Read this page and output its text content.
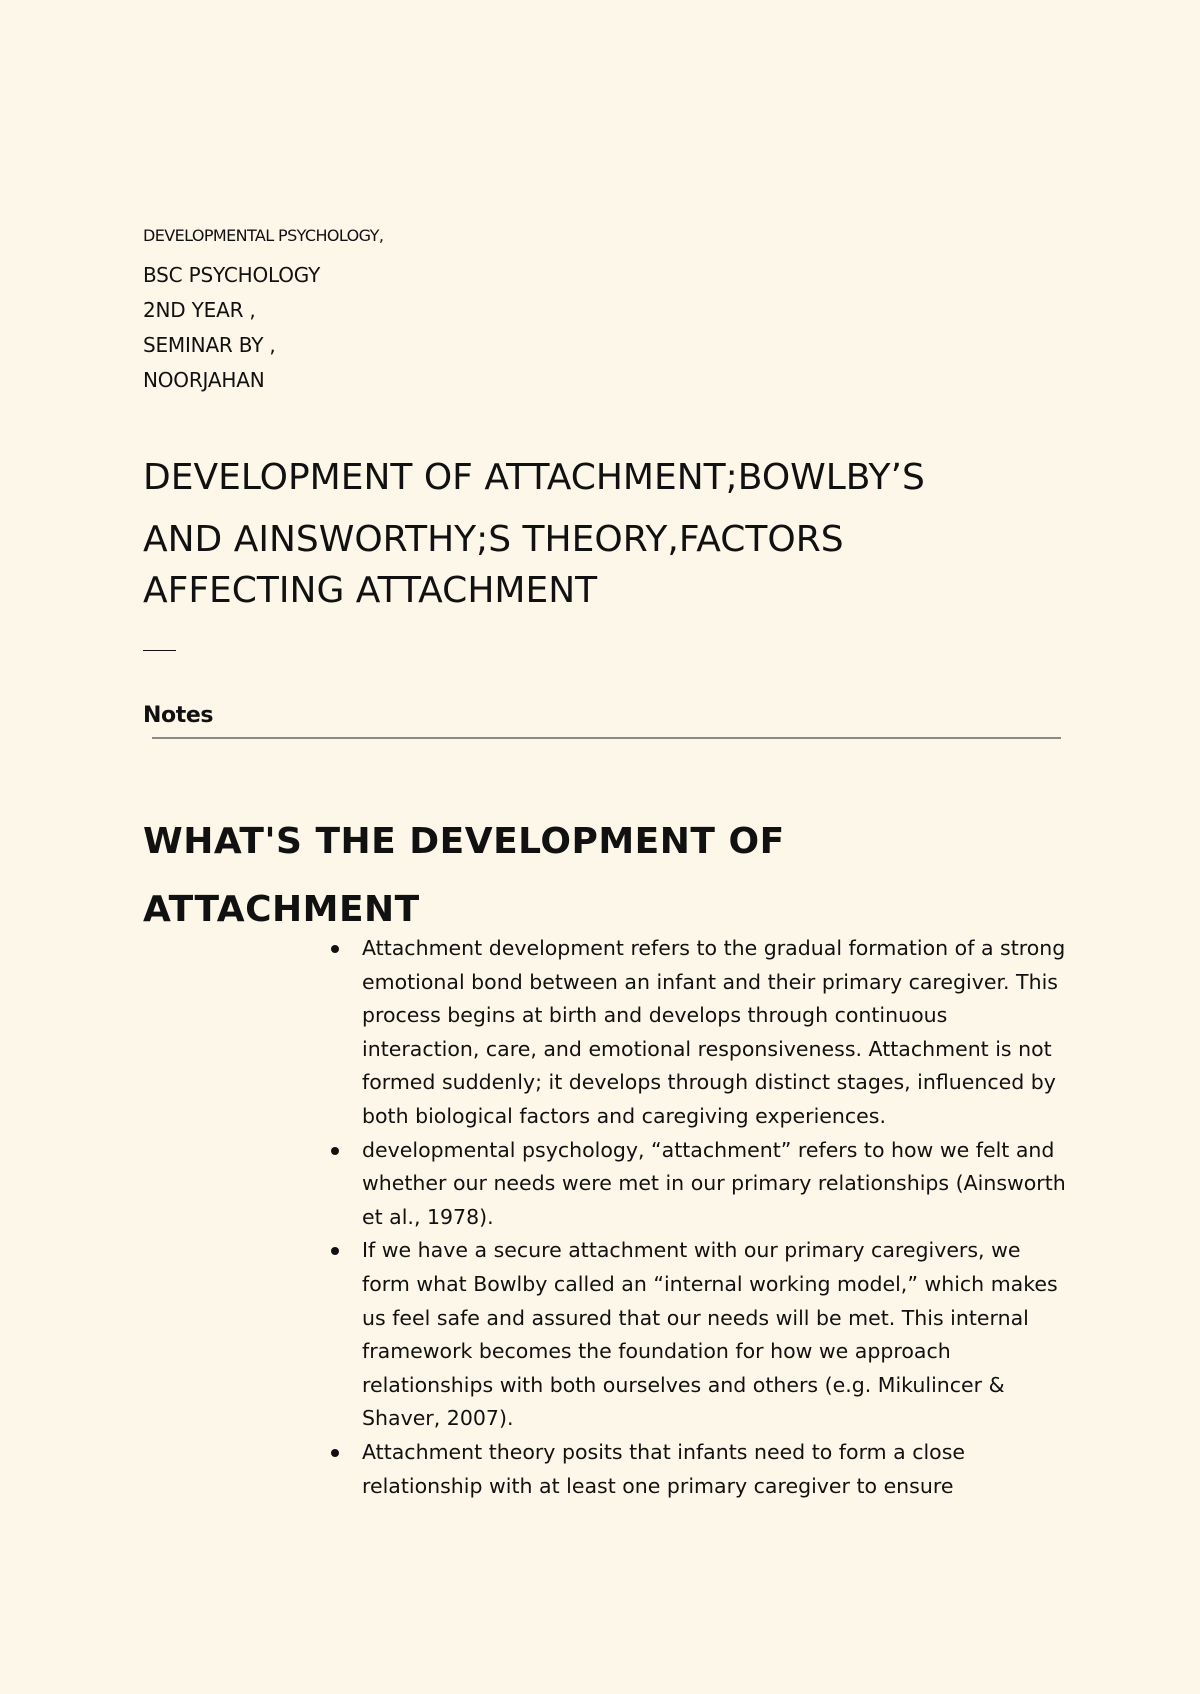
DEVELOPMENTAL PSYCHOLOGY,

BSC PSYCHOLOGY

2ND YEAR ,

SEMINAR BY ,

NOORJAHAN

DEVELOPMENT OF ATTACHMENT;BOWLBY’S
AND AINSWORTHY;S THEORY,FACTORS
AFFECTING ATTACHMENT

Notes

WHAT'S THE DEVELOPMENT OF
ATTACHMENT
Attachment development refers to the gradual formation of a strong emotional bond between an infant and their primary caregiver. This process begins at birth and develops through continuous interaction, care, and emotional responsiveness. Attachment is not formed suddenly; it develops through distinct stages, influenced by both biological factors and caregiving experiences.
developmental psychology, “attachment” refers to how we felt and whether our needs were met in our primary relationships (Ainsworth et al., 1978).
If we have a secure attachment with our primary caregivers, we form what Bowlby called an “internal working model,” which makes us feel safe and assured that our needs will be met. This internal framework becomes the foundation for how we approach relationships with both ourselves and others (e.g. Mikulincer & Shaver, 2007).
Attachment theory posits that infants need to form a close relationship with at least one primary caregiver to ensure
